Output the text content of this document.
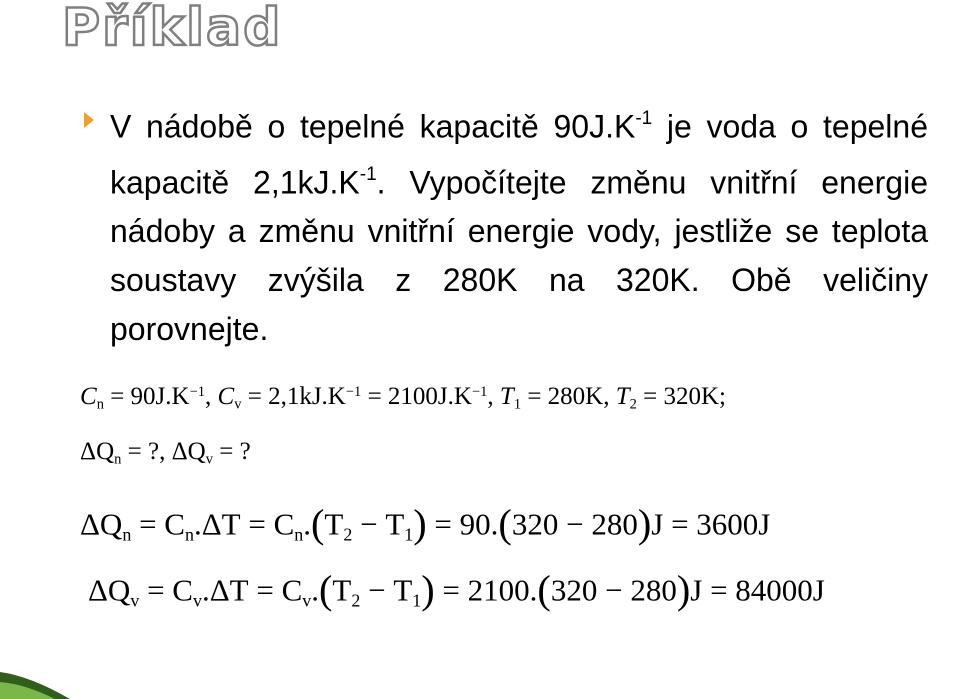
Příklad
V nádobě o tepelné kapacitě $90J.K^{-1}$ je voda o tepelné kapacitě $2,1kJ.K^{-1}$. Vypočítejte změnu vnitřní energie nádoby a změnu vnitřní energie vody, jestliže se teplota soustavy zvýšila z 280K na 320K. Obě veličiny porovnejte.
$C_n = 90J.K^{-1}$, $C_v = 2,1kJ.K^{-1} = 2100J.K^{-1}$, $T_1 = 280K$, $T_2 = 320K$;
$\Delta Q_n$ = ?, $\Delta Q_v$ = ?
$\Delta Q_n = C_n.\Delta T = C_n.(T_2 - T_1) = 90.(320 - 280)J = 3600J$
$\Delta Q_v = C_v.\Delta T = C_v.(T_2 - T_1) = 2100.(320 - 280)J = 84000J$
